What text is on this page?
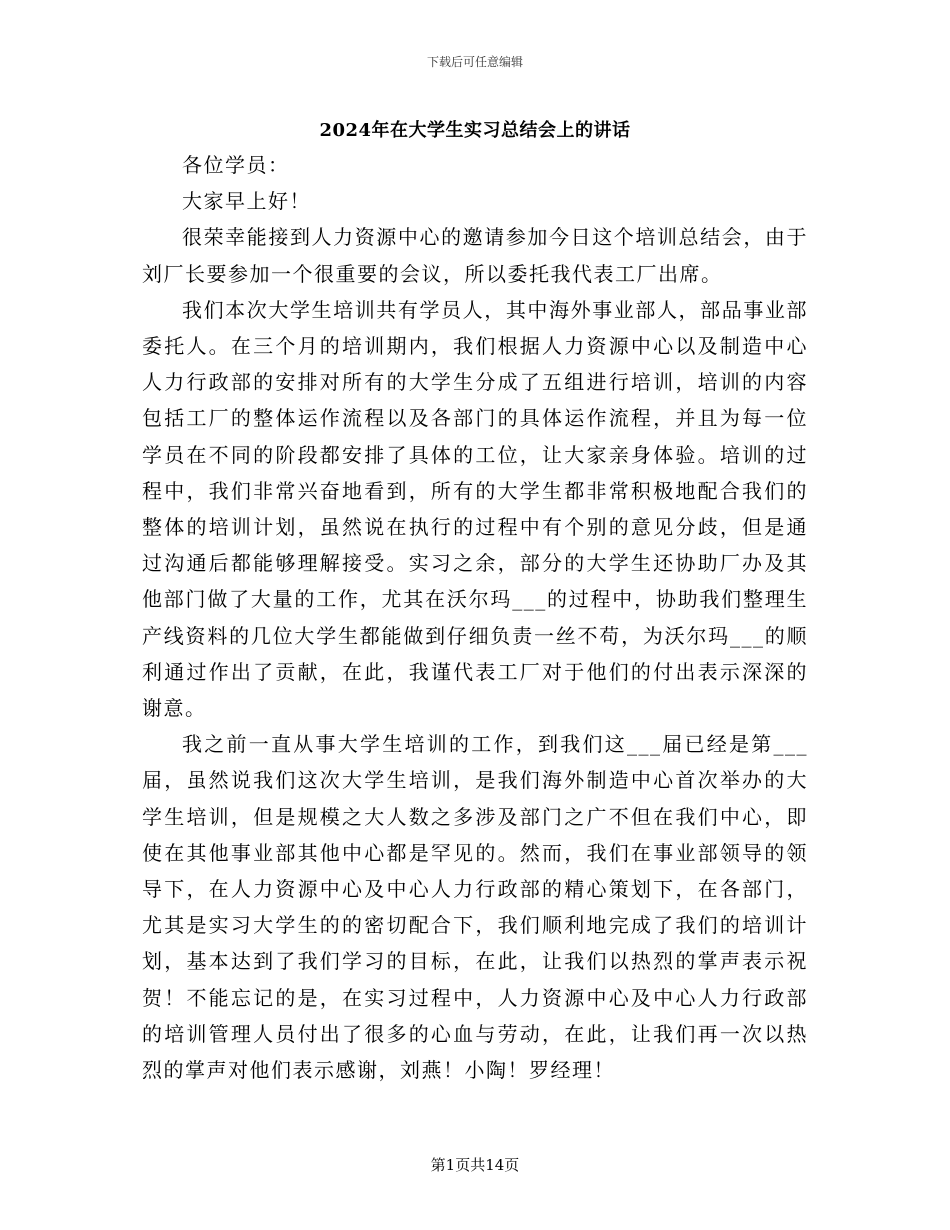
下载后可任意编辑
2024年在大学生实习总结会上的讲话

各位学员：

大家早上好！

很荣幸能接到人力资源中心的邀请参加今日这个培训总结会，由于刘厂长要参加一个很重要的会议，所以委托我代表工厂出席。

我们本次大学生培训共有学员人，其中海外事业部人，部品事业部委托人。在三个月的培训期内，我们根据人力资源中心以及制造中心人力行政部的安排对所有的大学生分成了五组进行培训，培训的内容包括工厂的整体运作流程以及各部门的具体运作流程，并且为每一位学员在不同的阶段都安排了具体的工位，让大家亲身体验。培训的过程中，我们非常兴奋地看到，所有的大学生都非常积极地配合我们的整体的培训计划，虽然说在执行的过程中有个别的意见分歧，但是通过沟通后都能够理解接受。实习之余，部分的大学生还协助厂办及其他部门做了大量的工作，尤其在沃尔玛___的过程中，协助我们整理生产线资料的几位大学生都能做到仔细负责一丝不苟，为沃尔玛___的顺利通过作出了贡献，在此，我谨代表工厂对于他们的付出表示深深的谢意。

我之前一直从事大学生培训的工作，到我们这___届已经是第___届，虽然说我们这次大学生培训，是我们海外制造中心首次举办的大学生培训，但是规模之大人数之多涉及部门之广不但在我们中心，即使在其他事业部其他中心都是罕见的。然而，我们在事业部领导的领导下，在人力资源中心及中心人力行政部的精心策划下，在各部门，尤其是实习大学生的的密切配合下，我们顺利地完成了我们的培训计划，基本达到了我们学习的目标，在此，让我们以热烈的掌声表示祝贺！不能忘记的是，在实习过程中，人力资源中心及中心人力行政部的培训管理人员付出了很多的心血与劳动，在此，让我们再一次以热烈的掌声对他们表示感谢，刘燕！小陶！罗经理！

第1页共14页
